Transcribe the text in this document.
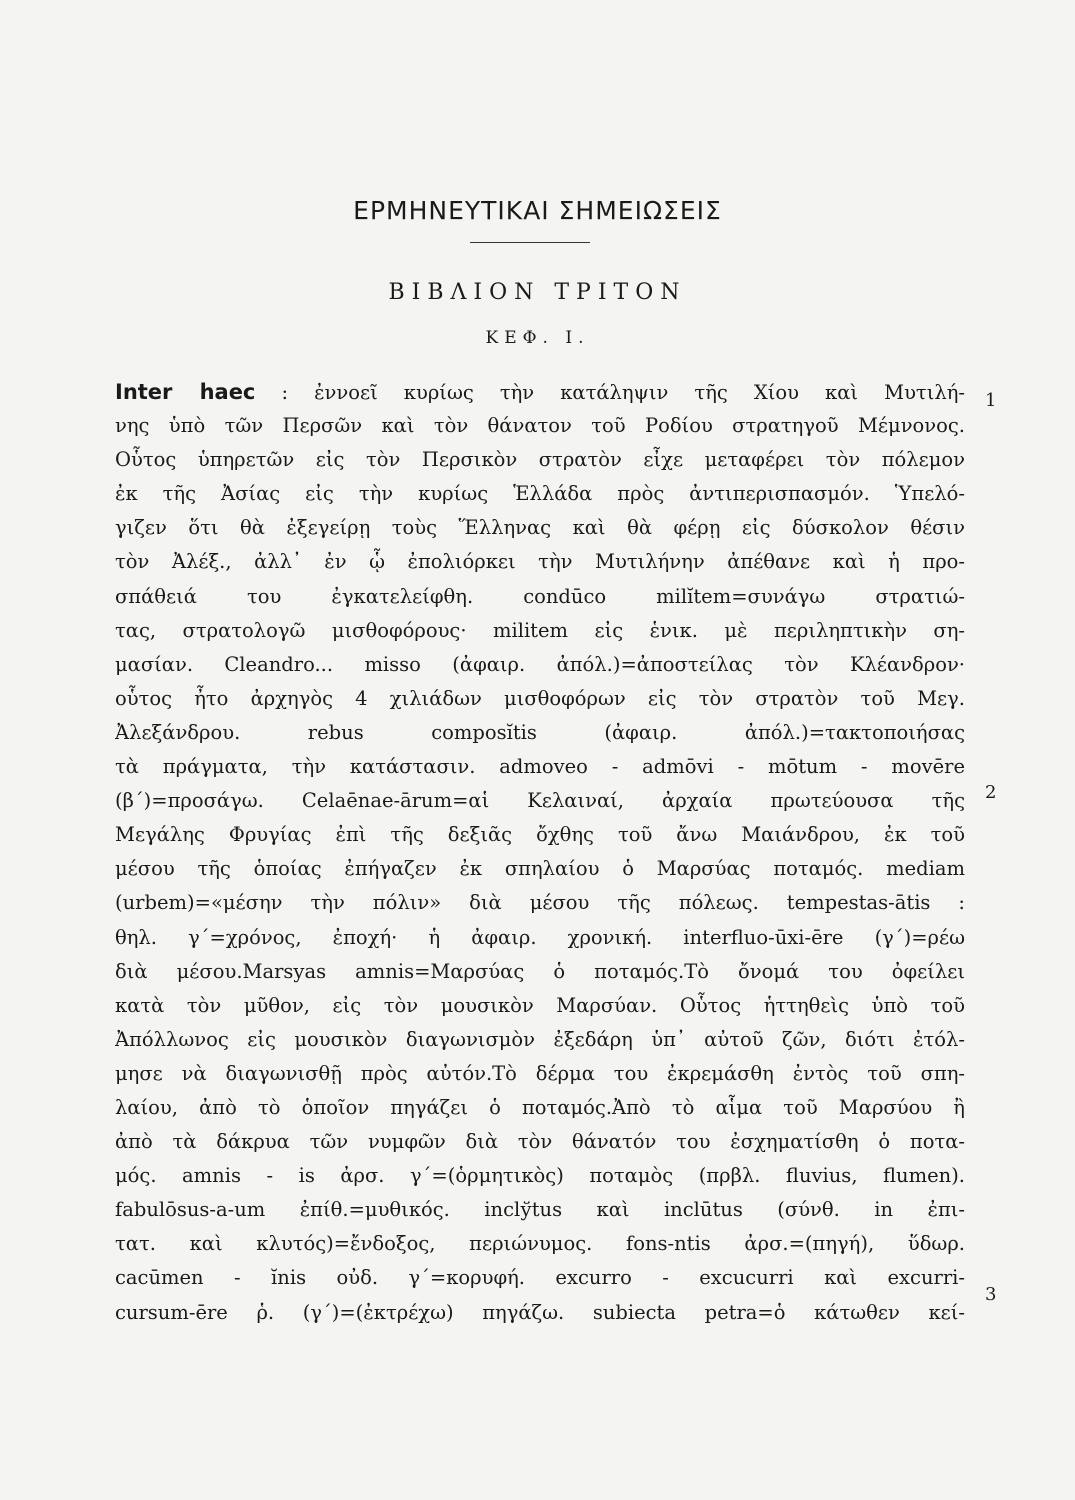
ΕΡΜΗΝΕΥΤΙΚΑΙ ΣΗΜΕΙΩΣΕΙΣ
ΒΙΒΛΙΟΝ ΤΡΙΤΟΝ
ΚΕΦ. Ι.
Inter haec : ἐννοεῖ κυρίως τὴν κατάληψιν τῆς Χίου καὶ Μυτιλή-
νης ὑπὸ τῶν Περσῶν καὶ τὸν θάνατον τοῦ Ροδίου στρατηγοῦ Μέμνονος.
Οὗτος ὑπηρετῶν εἰς τὸν Περσικὸν στρατὸν εἶχε μεταφέρει τὸν πόλεμον
ἐκ τῆς Ἀσίας εἰς τὴν κυρίως Ἑλλάδα πρὸς ἀντιπερισπασμόν. Ὑπελό-
γιζεν ὅτι θὰ ἐξεγείρῃ τοὺς Ἕλληνας καὶ θὰ φέρῃ εἰς δύσκολον θέσιν
τὸν Ἀλέξ., ἀλλ᾽ ἐν ᾧ ἐπολιόρκει τὴν Μυτιλήνην ἀπέθανε καὶ ἡ προ-
σπάθειά του ἐγκατελείφθη. condūco milĭtem=συνάγω στρατιώ-
τας, στρατολογῶ μισθοφόρους· militem εἰς ἑνικ. μὲ περιληπτικὴν ση-
μασίαν. Cleandro... misso (ἀφαιρ. ἀπόλ.)=ἀποστείλας τὸν Κλέανδρον·
οὗτος ἦτο ἀρχηγὸς 4 χιλιάδων μισθοφόρων εἰς τὸν στρατὸν τοῦ Μεγ.
Ἀλεξάνδρου. rebus composĭtis (ἀφαιρ. ἀπόλ.)=τακτοποιήσας
τὰ πράγματα, τὴν κατάστασιν. admoveo - admōvi - mōtum - movēre
(β΄)=προσάγω. Celaēnae-ārum=αἱ Κελαιναί, ἀρχαία πρωτεύουσα τῆς
Μεγάλης Φρυγίας ἐπὶ τῆς δεξιᾶς ὄχθης τοῦ ἄνω Μαιάνδρου, ἐκ τοῦ
μέσου τῆς ὁποίας ἐπήγαζεν ἐκ σπηλαίου ὁ Μαρσύας ποταμός. mediam
(urbem)=«μέσην τὴν πόλιν» διὰ μέσου τῆς πόλεως. tempestas-ātis :
θηλ. γ΄=χρόνος, ἐποχή· ἡ ἀφαιρ. χρονική. interfluo-ūxi-ēre (γ΄)=ρέω
διὰ μέσου.Marsyas amnis=Μαρσύας ὁ ποταμός.Τὸ ὄνομά του ὀφείλει
κατὰ τὸν μῦθον, εἰς τὸν μουσικὸν Μαρσύαν. Οὗτος ἡττηθεὶς ὑπὸ τοῦ
Ἀπόλλωνος εἰς μουσικὸν διαγωνισμὸν ἐξεδάρη ὑπ᾽ αὐτοῦ ζῶν, διότι ἐτόλ-
μησε νὰ διαγωνισθῇ πρὸς αὐτόν.Τὸ δέρμα του ἐκρεμάσθη ἐντὸς τοῦ σπη-
λαίου, ἀπὸ τὸ ὁποῖον πηγάζει ὁ ποταμός.Ἀπὸ τὸ αἷμα τοῦ Μαρσύου ἢ
ἀπὸ τὰ δάκρυα τῶν νυμφῶν διὰ τὸν θάνατόν του ἐσχηματίσθη ὁ ποτα-
μός. amnis - is ἀρσ. γ΄=(ὁρμητικὸς) ποταμὸς (πρβλ. fluvius, flumen).
fabulōsus-a-um ἐπίθ.=μυθικός. inclўtus καὶ inclūtus (σύνθ. in ἐπι-
τατ. καὶ κλυτός)=ἔνδοξος, περιώνυμος. fons-ntis ἀρσ.=(πηγή), ὕδωρ.
cacūmen - ĭnis οὐδ. γ΄=κορυφή. excurro - excucurri καὶ excurri-
cursum-ēre ῥ. (γ΄)=(ἐκτρέχω) πηγάζω. subiecta petra=ὁ κάτωθεν κεί-
1
2
3
